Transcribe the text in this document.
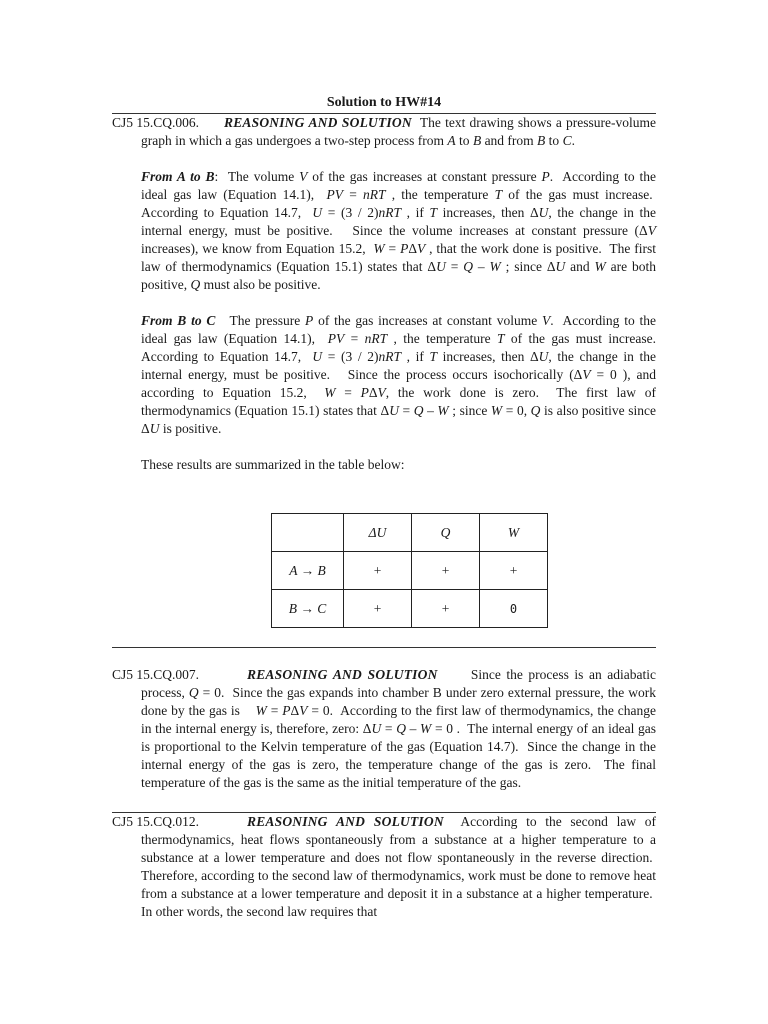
Solution to HW#14
CJ5 15.CQ.006.	REASONING AND SOLUTION  The text drawing shows a pressure-volume graph in which a gas undergoes a two-step process from A to B and from B to C.

From A to B:  The volume V of the gas increases at constant pressure P.  According to the ideal gas law (Equation 14.1),  PV = nRT , the temperature T of the gas must increase.  According to Equation 14.7,  U = (3 / 2)nRT , if T increases, then ΔU, the change in the internal energy, must be positive.   Since the volume increases at constant pressure (ΔV increases), we know from Equation 15.2,  W = PΔV , that the work done is positive.  The first law of thermodynamics (Equation 15.1) states that ΔU = Q – W ; since ΔU and W are both positive, Q must also be positive.

From B to C   The pressure P of the gas increases at constant volume V.  According to the ideal gas law (Equation 14.1),  PV = nRT , the temperature T of the gas must increase. According to Equation 14.7,  U = (3 / 2)nRT , if T increases, then ΔU, the change in the internal energy, must be positive.   Since the process occurs isochorically (ΔV = 0 ), and according to Equation 15.2,  W = PΔV, the work done is zero.  The first law of thermodynamics (Equation 15.1) states that ΔU = Q – W ; since W = 0, Q is also positive since ΔU is positive.

These results are summarized in the table below:

	ΔU	Q	W
A → B	+	+	+
B → C	+	+	0
CJ5 15.CQ.007.	REASONING AND SOLUTION      Since the process is an adiabatic process, Q = 0.  Since the gas expands into chamber B under zero external pressure, the work done by the gas is    W = PΔV = 0.  According to the first law of thermodynamics, the change in the internal energy is, therefore, zero: ΔU = Q – W = 0 .  The internal energy of an ideal gas is proportional to the Kelvin temperature of the gas (Equation 14.7).  Since the change in the internal energy of the gas is zero, the temperature change of the gas is zero.  The final temperature of the gas is the same as the initial temperature of the gas.

CJ5 15.CQ.012.	REASONING AND SOLUTION  According to the second law of thermodynamics, heat flows spontaneously from a substance at a higher temperature to a substance at a lower temperature and does not flow spontaneously in the reverse direction.  Therefore, according to the second law of thermodynamics, work must be done to remove heat from a substance at a lower temperature and deposit it in a substance at a higher temperature.  In other words, the second law requires that
